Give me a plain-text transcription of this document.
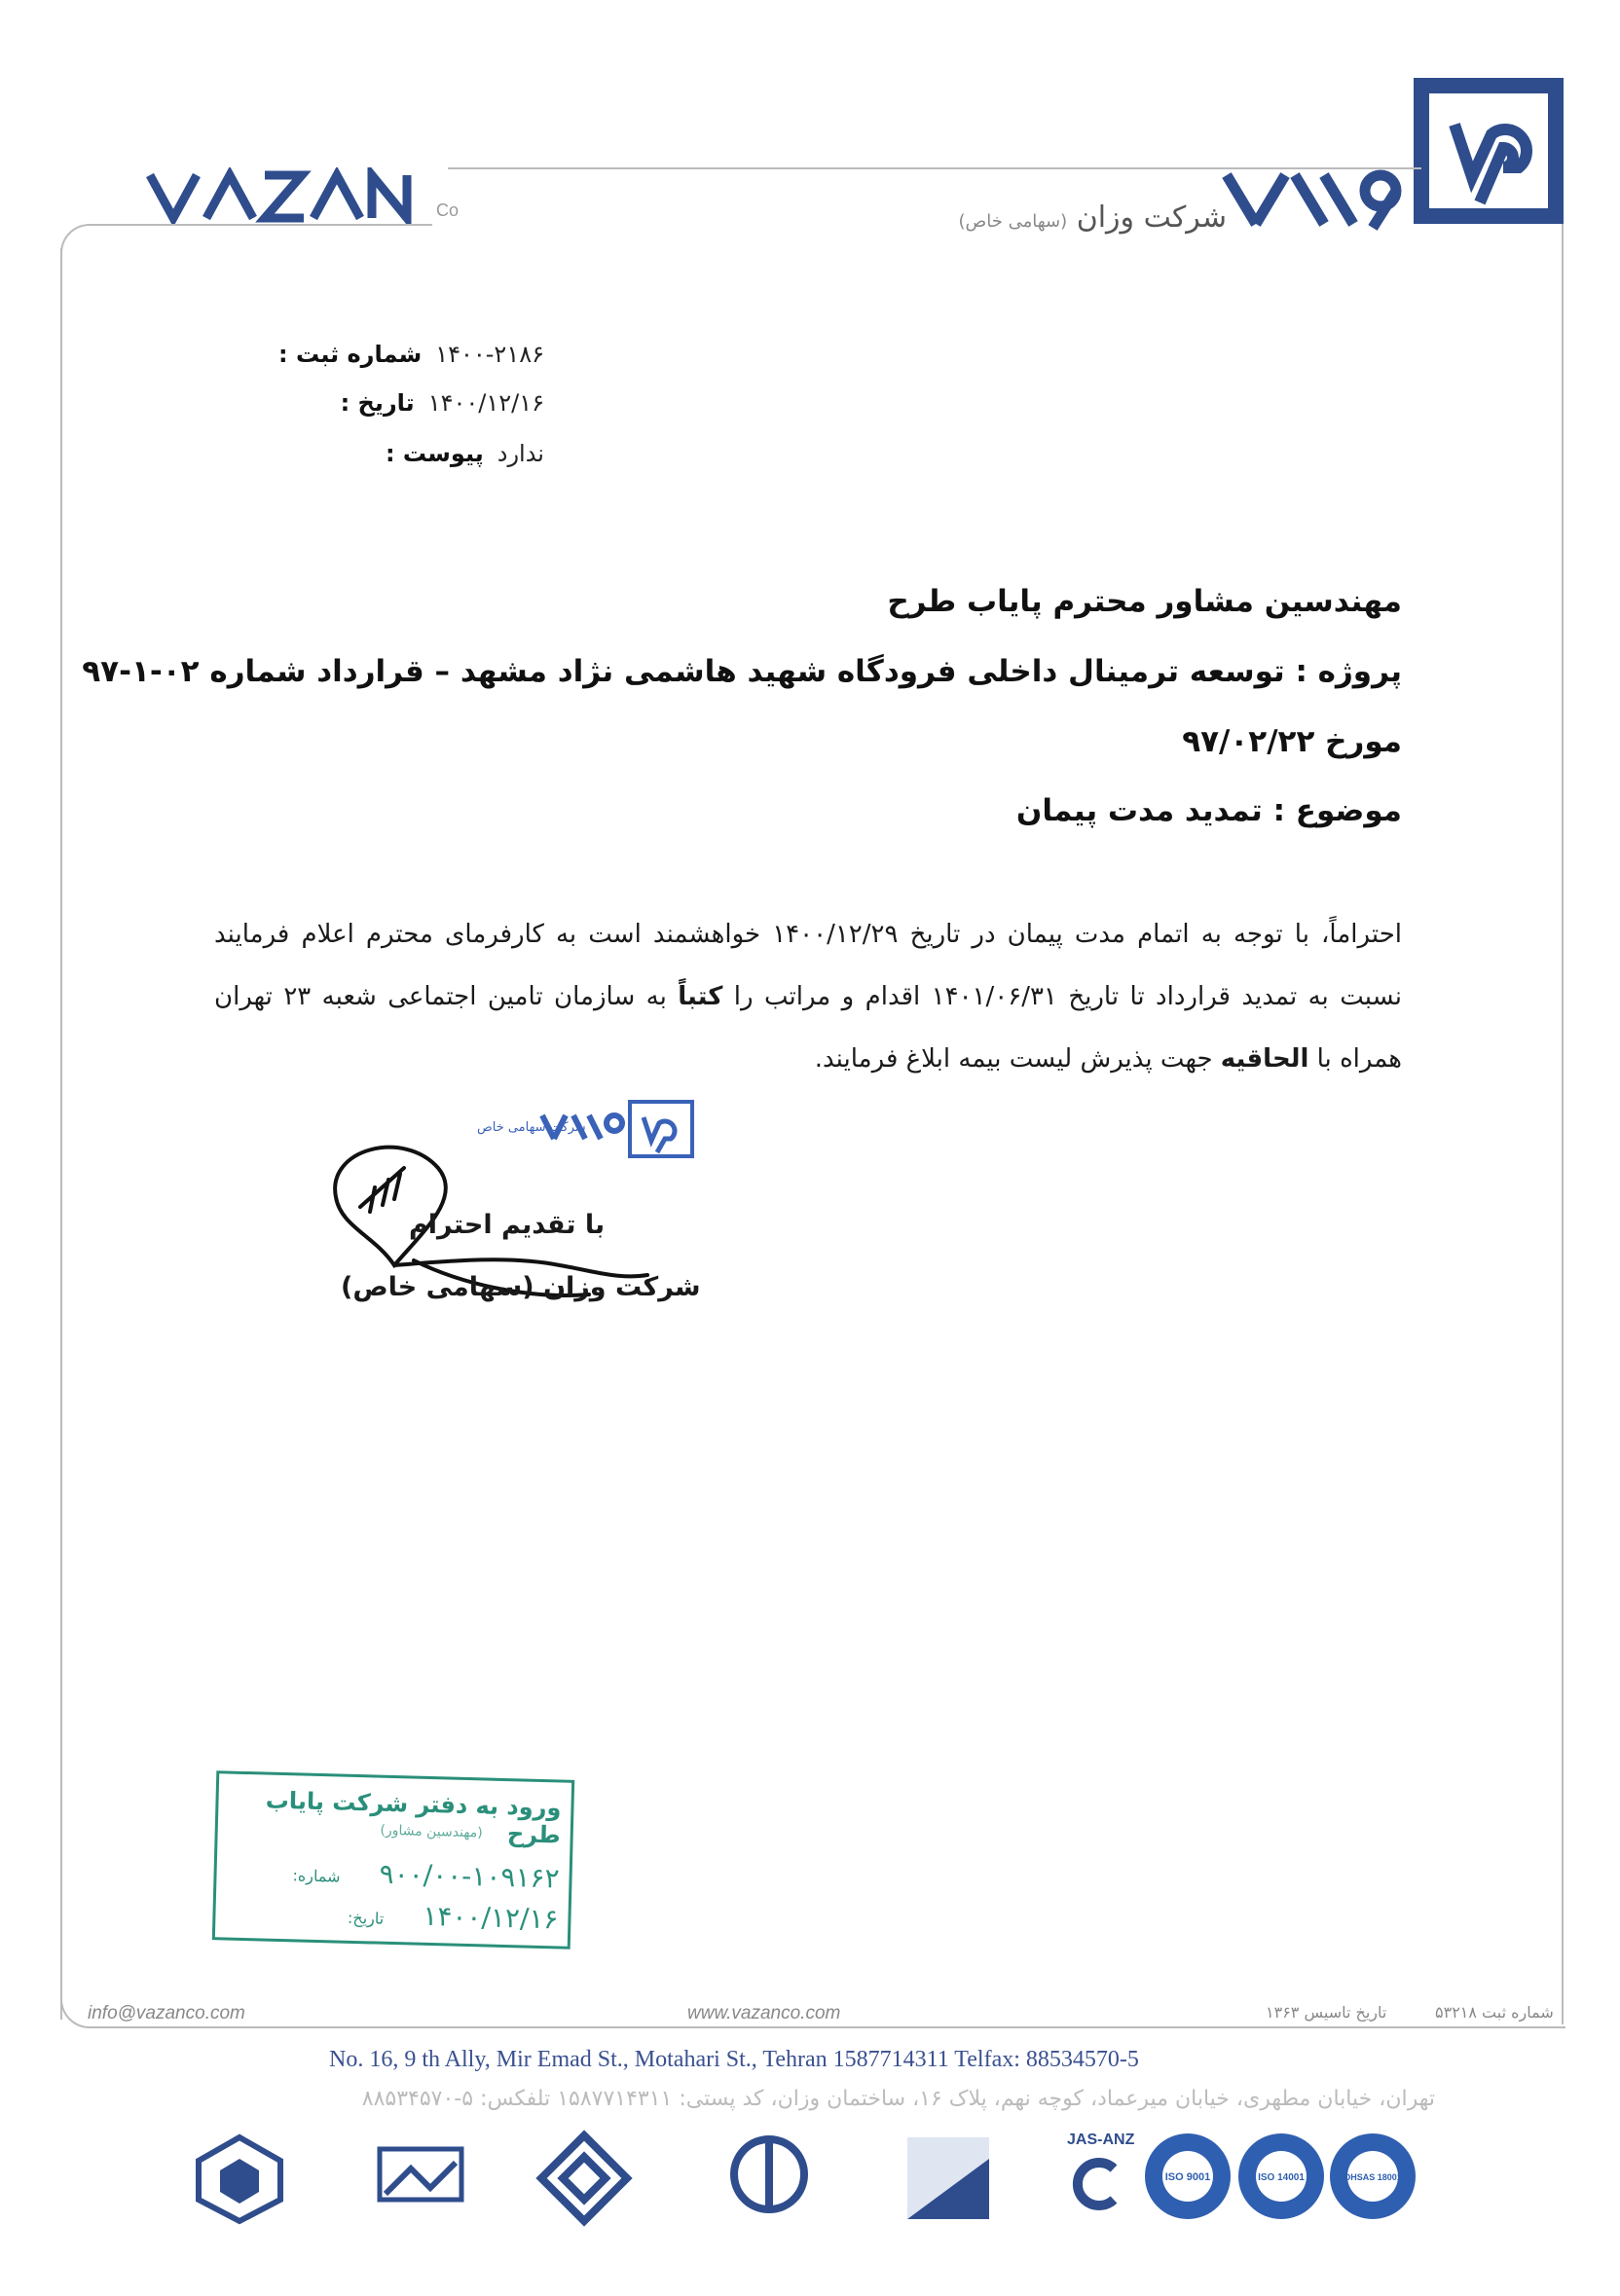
Co	شرکت وزان (سهامی خاص)
شماره ثبت : ۱۴۰۰-۲۱۸۶
تاریخ : ۱۴۰۰/۱۲/۱۶
پیوست : ندارد
مهندسین مشاور محترم پایاب طرح
پروژه : توسعه ترمینال داخلی فرودگاه شهید هاشمی نژاد مشهد – قرارداد شماره ۰۲-۱-۹۷
مورخ ۹۷/۰۲/۲۲
موضوع : تمدید مدت پیمان

احتراماً، با توجه به اتمام مدت پیمان در تاریخ ۱۴۰۰/۱۲/۲۹ خواهشمند است به کارفرمای محترم اعلام فرمایند نسبت به تمدید قرارداد تا تاریخ ۱۴۰۱/۰۶/۳۱ اقدام و مراتب را کتباً به سازمان تامین اجتماعی شعبه ۲۳ تهران همراه با الحاقیه جهت پذیرش لیست بیمه ابلاغ فرمایند.

شرکت سهامی خاص
با تقدیم احترام
شرکت وزان (سهامی خاص)
ورود به دفتر شرکت پایاب طرح
(مهندسین مشاور)
شماره: ۹۰۰/۰۰-۱۰۹۱۶۲
تاریخ: ۱۴۰۰/۱۲/۱۶
info@vazanco.com	www.vazanco.com	تاریخ تاسیس ۱۳۶۳	شماره ثبت ۵۳۲۱۸
No. 16, 9 th Ally, Mir Emad St., Motahari St., Tehran 1587714311 Telfax: 88534570-5
تهران، خیابان مطهری، خیابان میرعماد، کوچه نهم، پلاک ۱۶، ساختمان وزان، کد پستی: ۱۵۸۷۷۱۴۳۱۱ تلفکس: ۵-۸۸۵۳۴۵۷۰
JAS-ANZ
ISO 9001	ISO 14001	OHSAS 18001
